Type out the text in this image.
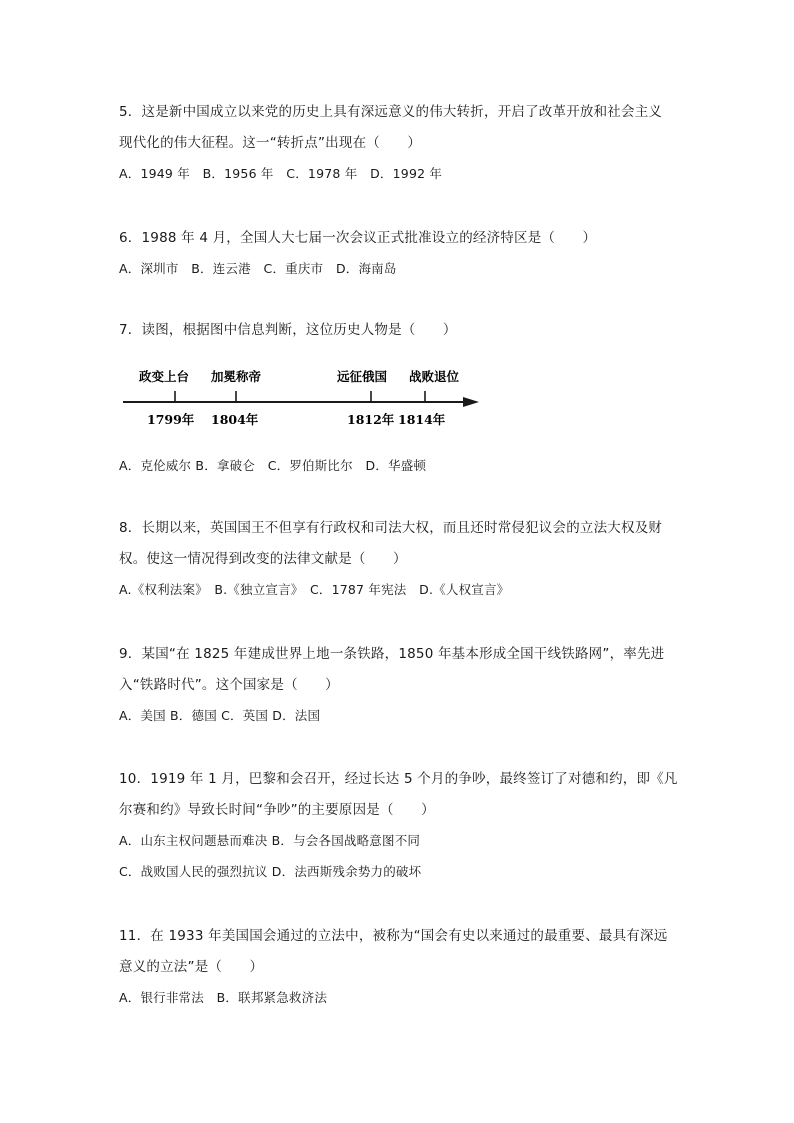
5．这是新中国成立以来党的历史上具有深远意义的伟大转折，开启了改革开放和社会主义
现代化的伟大征程。这一“转折点”出现在（　　）
A．1949 年　B．1956 年　C．1978 年　D．1992 年
6．1988 年 4 月，全国人大七届一次会议正式批准设立的经济特区是（　　）
A．深圳市　B．连云港　C．重庆市　D．海南岛
7．读图，根据图中信息判断，这位历史人物是（　　）
政变上台 加冕称帝	远征俄国 战败退位
1799年 1804年	1812年 1814年
A．克伦威尔 B．拿破仑　C．罗伯斯比尔　D．华盛顿
8．长期以来，英国国王不但享有行政权和司法大权，而且还时常侵犯议会的立法大权及财
权。使这一情况得到改变的法律文献是（　　）
A.《权利法案》　B.《独立宣言》　C．1787 年宪法　D.《人权宣言》
9．某国“在 1825 年建成世界上地一条铁路，1850 年基本形成全国干线铁路网”，率先进
入“铁路时代”。这个国家是（　　）
A．美国 B．德国 C．英国 D．法国
10．1919 年 1 月，巴黎和会召开，经过长达 5 个月的争吵，最终签订了对德和约，即《凡
尔赛和约》导致长时间“争吵”的主要原因是（　　）
A．山东主权问题悬而难决 B．与会各国战略意图不同
C．战败国人民的强烈抗议 D．法西斯残余势力的破坏
11．在 1933 年美国国会通过的立法中，被称为“国会有史以来通过的最重要、最具有深远
意义的立法”是（　　）
A．银行非常法　B．联邦紧急救济法
